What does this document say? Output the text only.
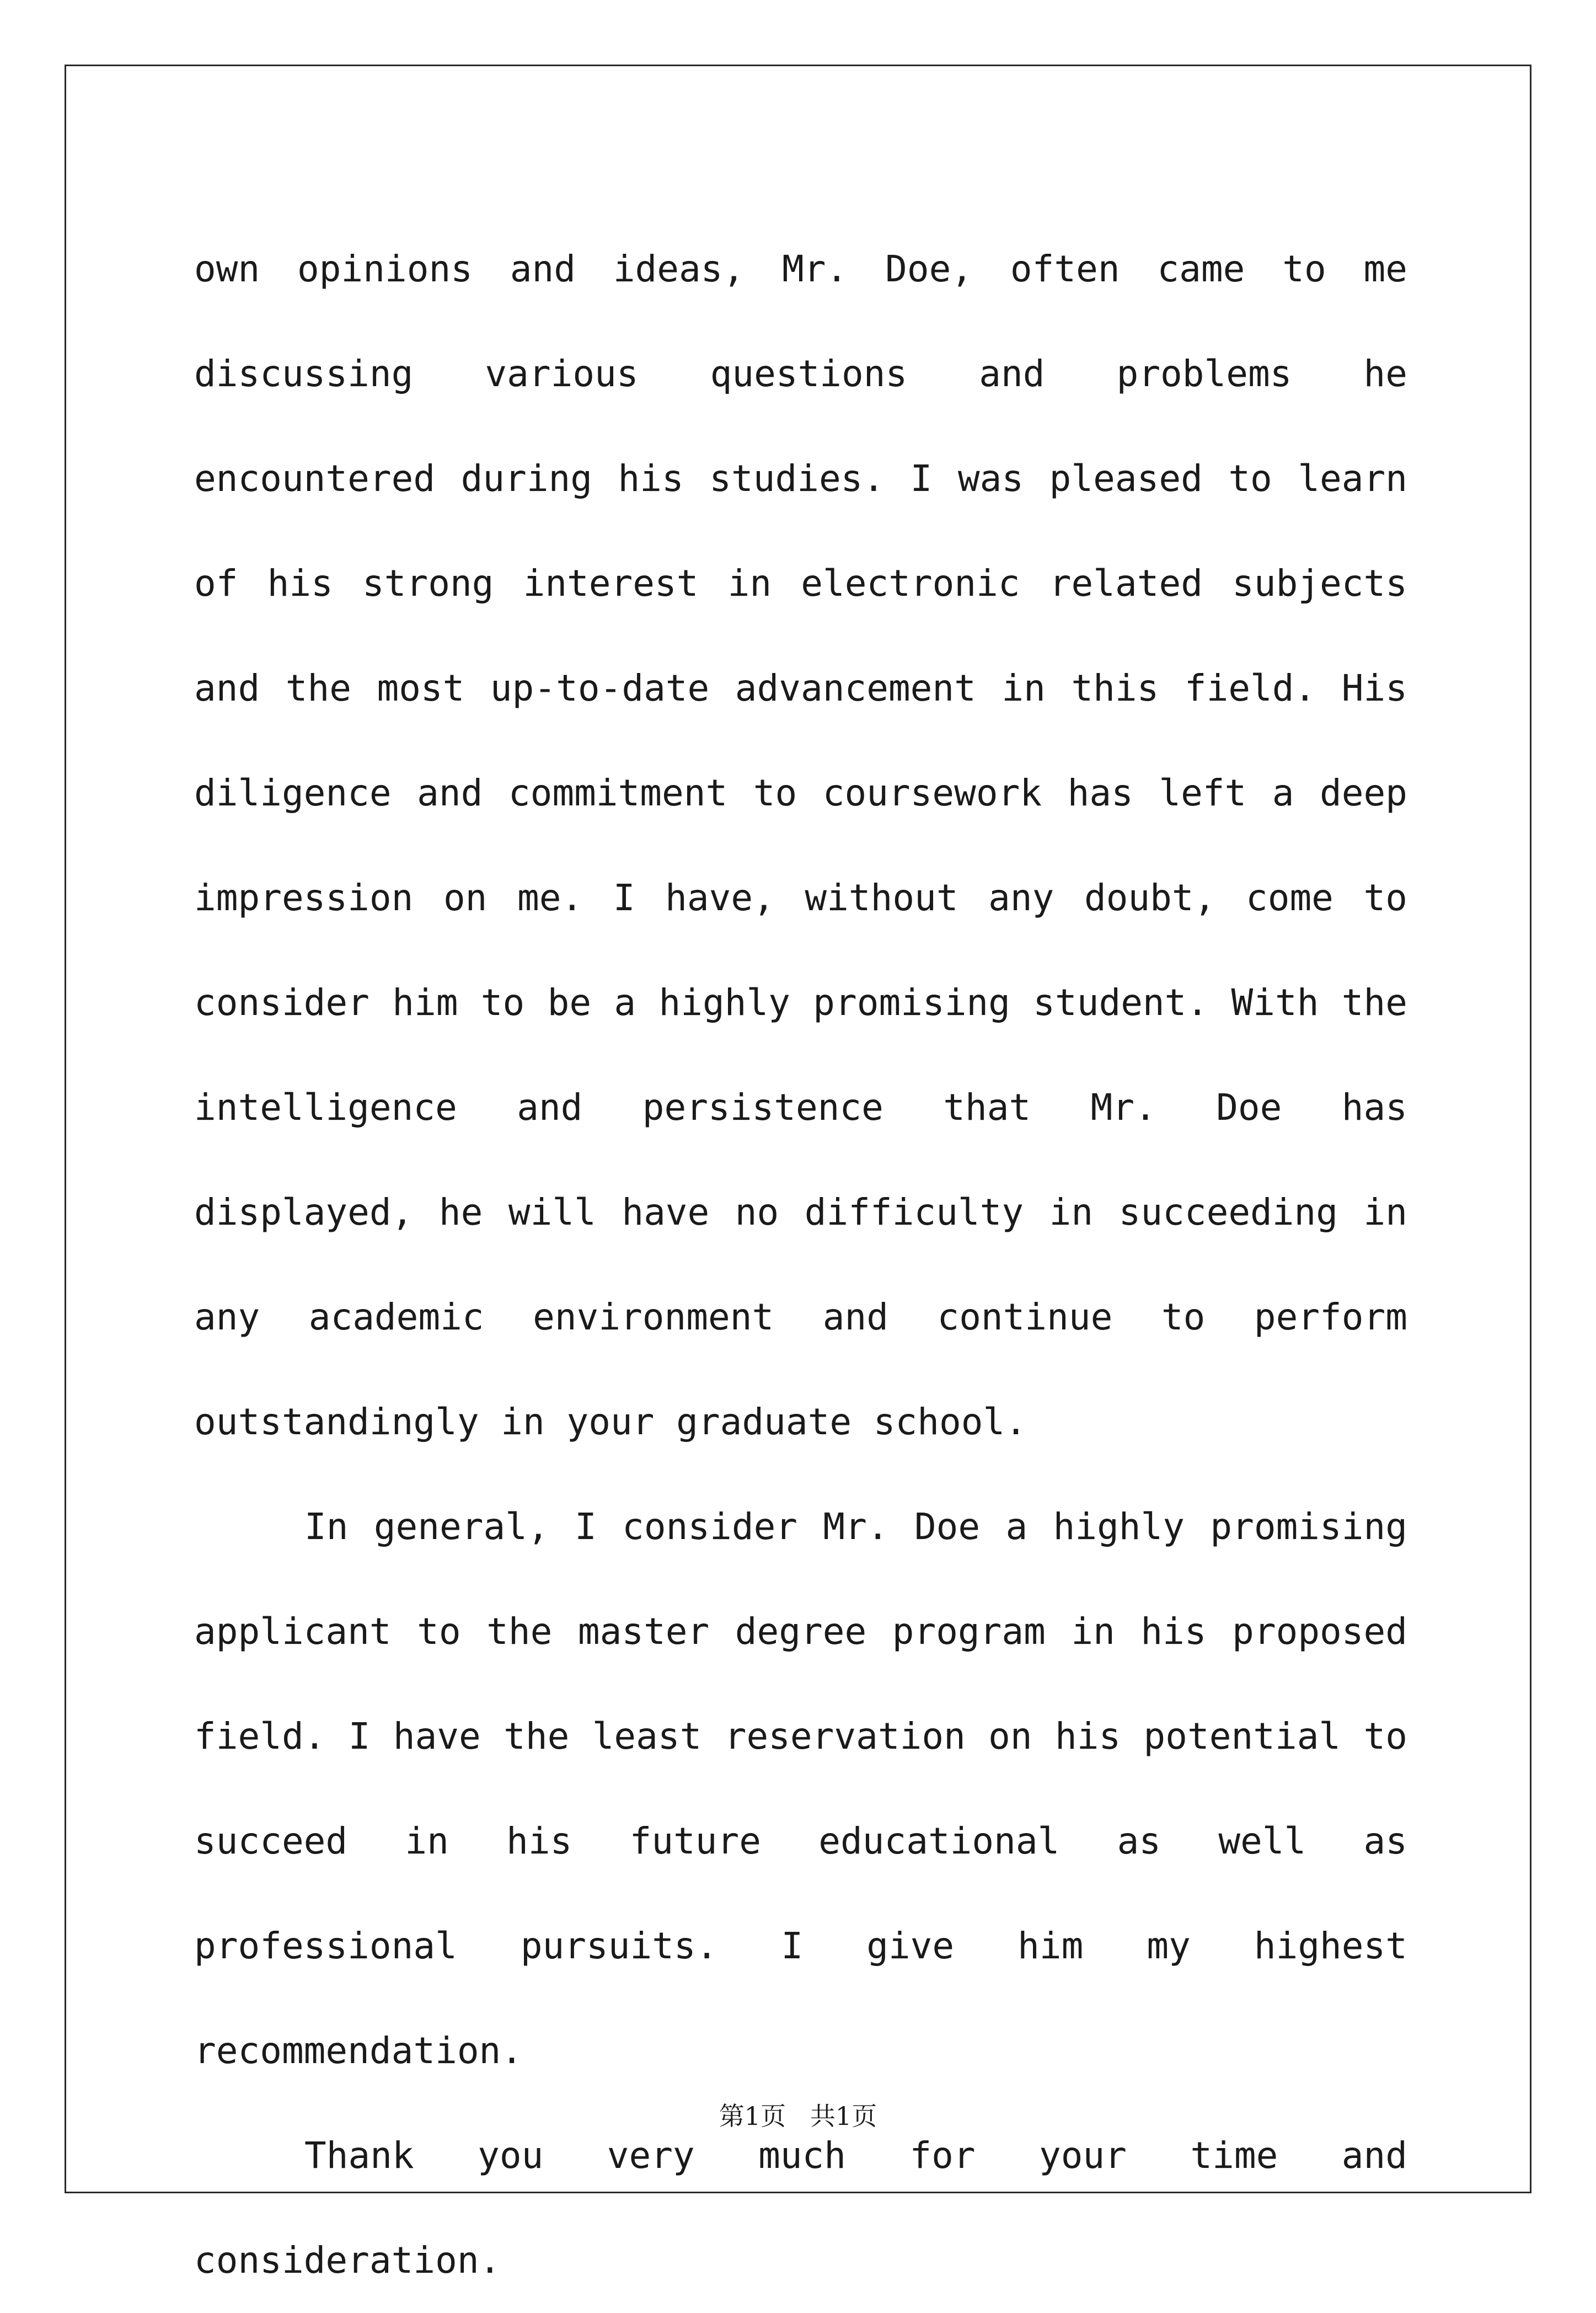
own opinions and ideas, Mr. Doe, often came to me discussing various questions and problems he encountered during his studies. I was pleased to learn of his strong interest in electronic related subjects and the most up-to-date advancement in this field. His diligence and commitment to coursework has left a deep impression on me. I have, without any doubt, come to consider him to be a highly promising student. With the intelligence and persistence that Mr. Doe has displayed, he will have no difficulty in succeeding in any academic environment and continue to perform outstandingly in your graduate school.

In general, I consider Mr. Doe a highly promising applicant to the master degree program in his proposed field. I have the least reservation on his potential to succeed in his future educational as well as professional pursuits. I give him my highest recommendation.

Thank you very much for your time and consideration.

第1页   共1页
